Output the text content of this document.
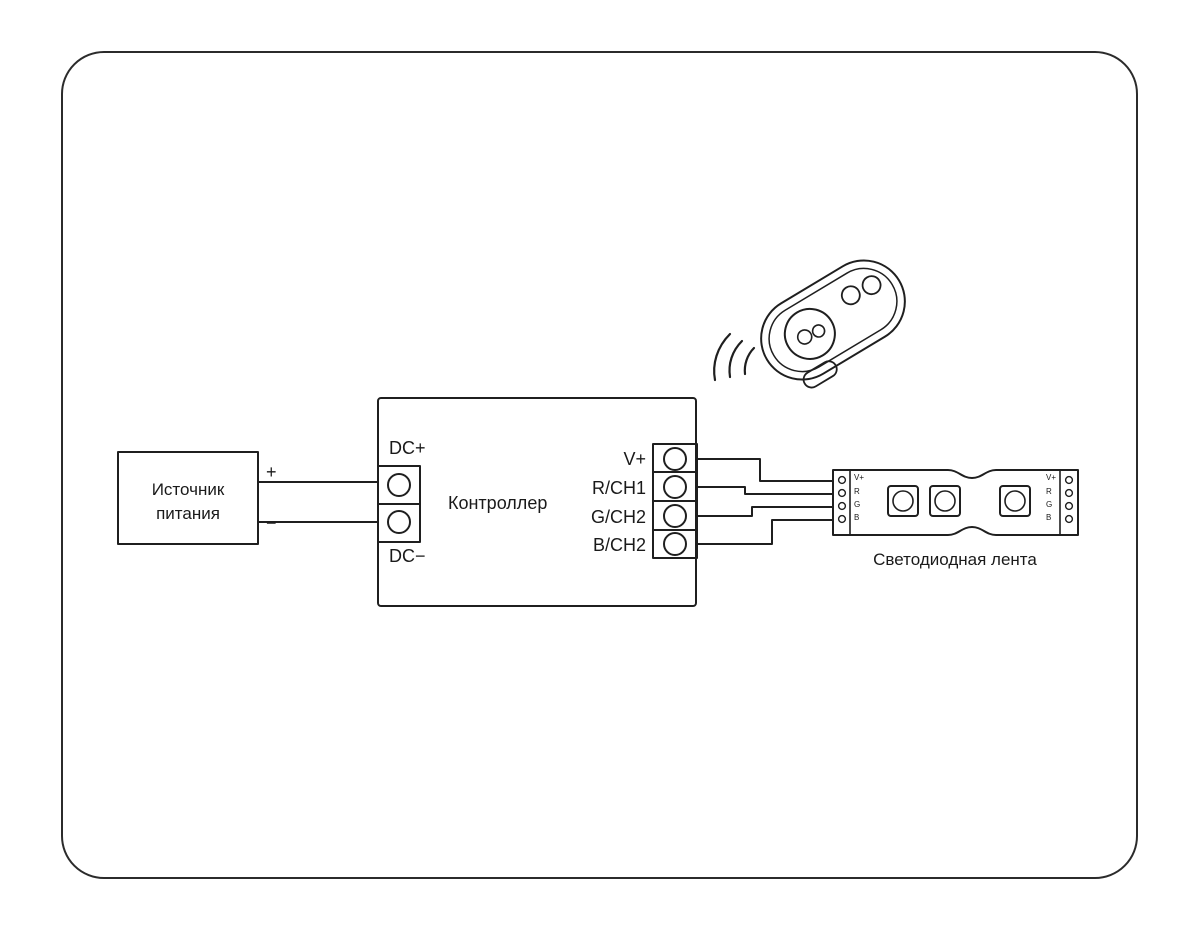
Источник
питания
+
−
Контроллер
DC+
DC−
V+
R/CH1
G/CH2
B/CH2
V+
R
G
B
V+
R
G
B
Светодиодная лента
